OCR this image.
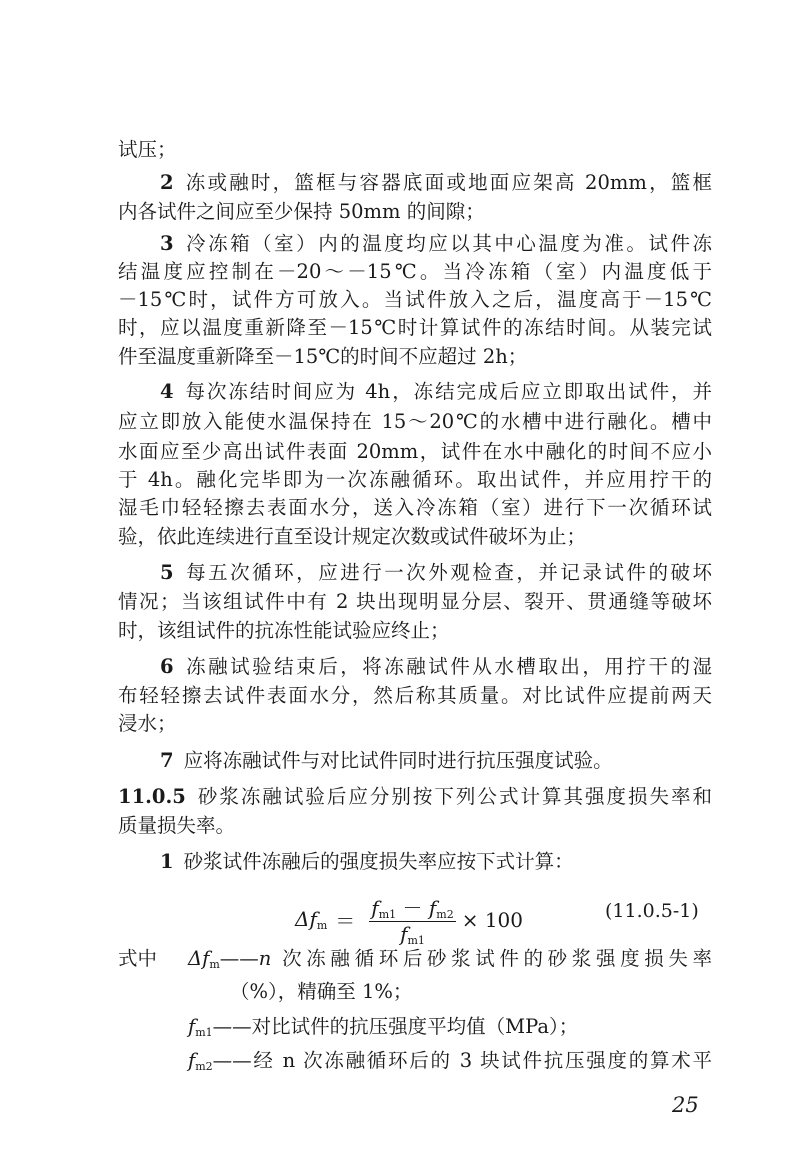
试压；
2 冻或融时，篮框与容器底面或地面应架高 20mm，篮框
内各试件之间应至少保持 50mm 的间隙；
3 冷冻箱（室）内的温度均应以其中心温度为准。试件冻
结温度应控制在－20～－15℃。当冷冻箱（室）内温度低于
－15℃时，试件方可放入。当试件放入之后，温度高于－15℃
时，应以温度重新降至－15℃时计算试件的冻结时间。从装完试
件至温度重新降至－15℃的时间不应超过 2h；
4 每次冻结时间应为 4h，冻结完成后应立即取出试件，并
应立即放入能使水温保持在 15～20℃的水槽中进行融化。槽中
水面应至少高出试件表面 20mm，试件在水中融化的时间不应小
于 4h。融化完毕即为一次冻融循环。取出试件，并应用拧干的
湿毛巾轻轻擦去表面水分，送入冷冻箱（室）进行下一次循环试
验，依此连续进行直至设计规定次数或试件破坏为止；
5 每五次循环，应进行一次外观检查，并记录试件的破坏
情况；当该组试件中有 2 块出现明显分层、裂开、贯通缝等破坏
时，该组试件的抗冻性能试验应终止；
6 冻融试验结束后，将冻融试件从水槽取出，用拧干的湿
布轻轻擦去试件表面水分，然后称其质量。对比试件应提前两天
浸水；
7 应将冻融试件与对比试件同时进行抗压强度试验。
11.0.5 砂浆冻融试验后应分别按下列公式计算其强度损失率和
质量损失率。
1 砂浆试件冻融后的强度损失率应按下式计算：
$\Delta f_m = \frac{f_{m1} - f_{m2}}{f_{m1}} \times 100$	(11.0.5-1)
式中	$\Delta f_m——n$ 次冻融循环后砂浆试件的砂浆强度损失率
（%），精确至 1%；
$f_{m1}——$对比试件的抗压强度平均值（MPa）；
$f_{m2}——$经 n 次冻融循环后的 3 块试件抗压强度的算术平
25
